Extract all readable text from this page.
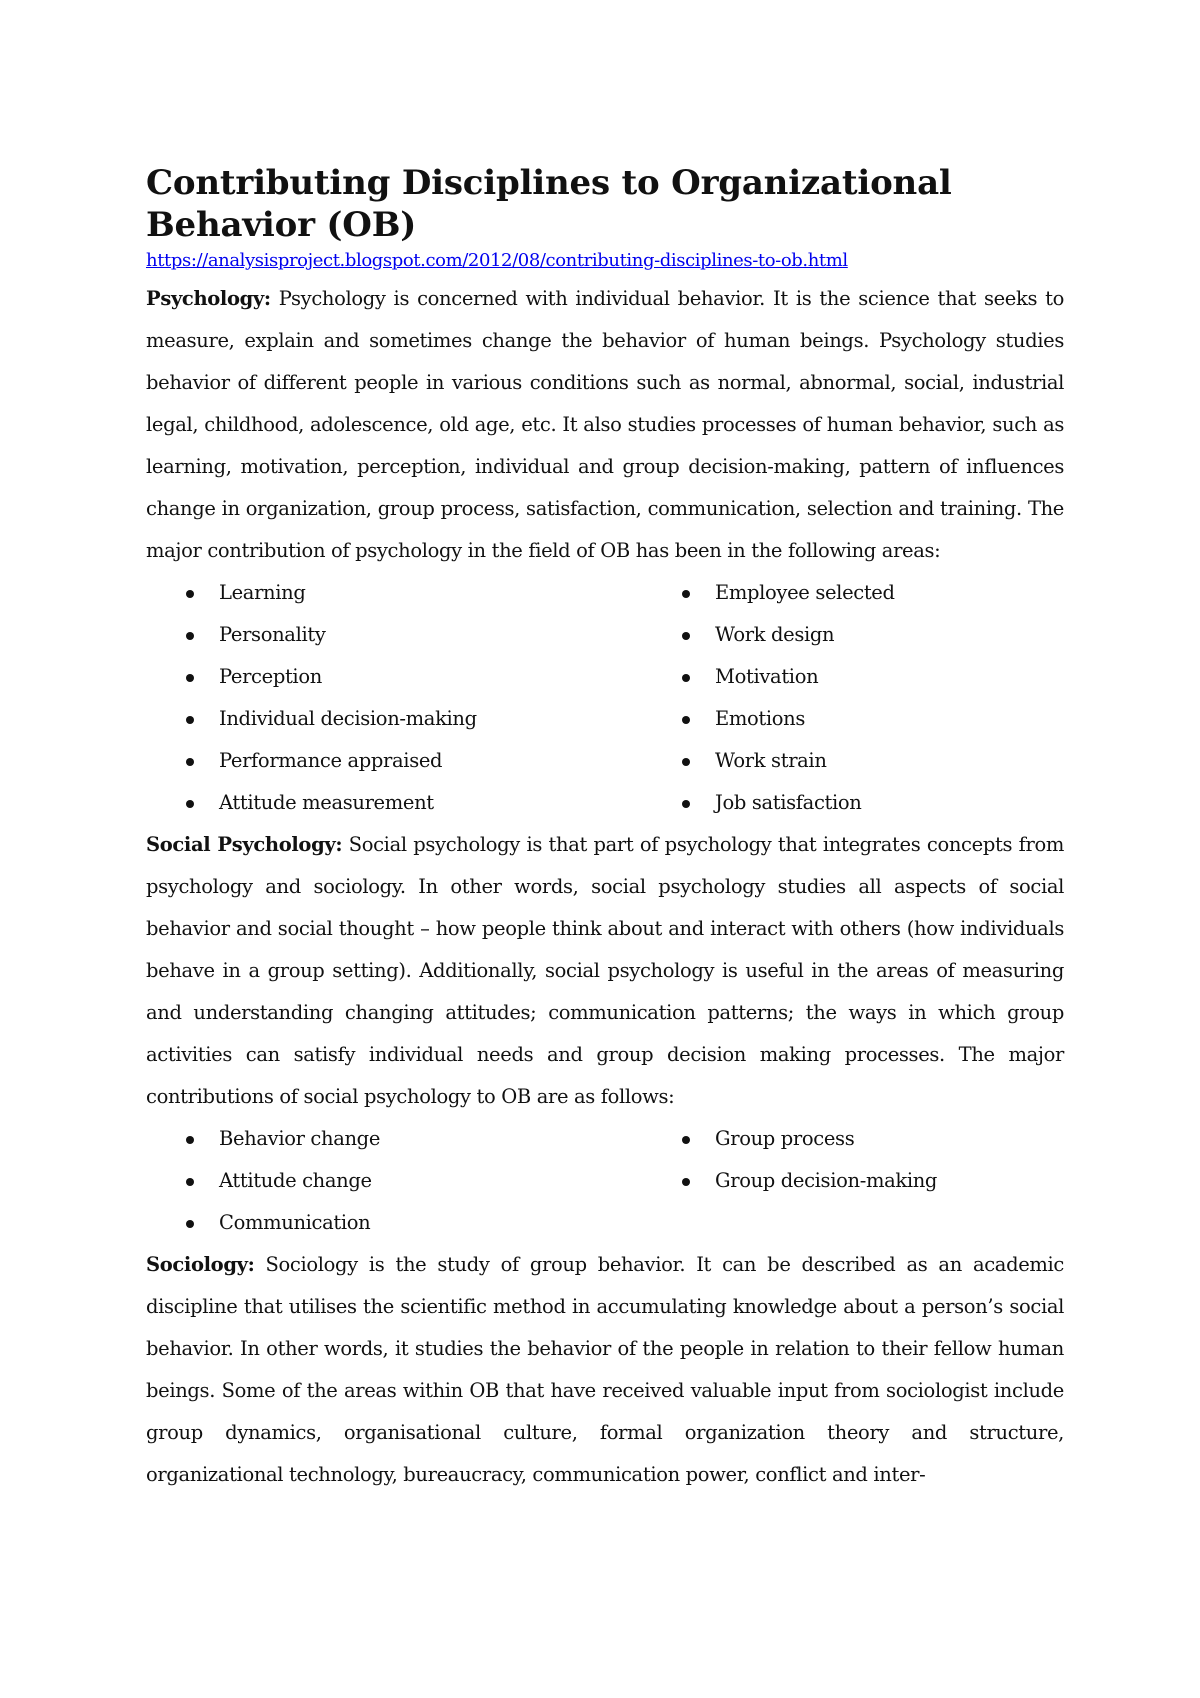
Contributing Disciplines to Organizational Behavior (OB)
https://analysisproject.blogspot.com/2012/08/contributing-disciplines-to-ob.html

Psychology: Psychology is concerned with individual behavior. It is the science that seeks to measure, explain and sometimes change the behavior of human beings. Psychology studies behavior of different people in various conditions such as normal, abnormal, social, industrial legal, childhood, adolescence, old age, etc. It also studies processes of human behavior, such as learning, motivation, perception, individual and group decision-making, pattern of influences change in organization, group process, satisfaction, communication, selection and training. The major contribution of psychology in the field of OB has been in the following areas:

Learning	Employee selected
Personality	Work design
Perception	Motivation
Individual decision-making	Emotions
Performance appraised	Work strain
Attitude measurement	Job satisfaction

Social Psychology: Social psychology is that part of psychology that integrates concepts from psychology and sociology. In other words, social psychology studies all aspects of social behavior and social thought – how people think about and interact with others (how individuals behave in a group setting). Additionally, social psychology is useful in the areas of measuring and understanding changing attitudes; communication patterns; the ways in which group activities can satisfy individual needs and group decision making processes. The major contributions of social psychology to OB are as follows:

Behavior change	Group process
Attitude change	Group decision-making
Communication

Sociology: Sociology is the study of group behavior. It can be described as an academic discipline that utilises the scientific method in accumulating knowledge about a person’s social behavior. In other words, it studies the behavior of the people in relation to their fellow human beings. Some of the areas within OB that have received valuable input from sociologist include group dynamics, organisational culture, formal organization theory and structure, organizational technology, bureaucracy, communication power, conflict and inter-
